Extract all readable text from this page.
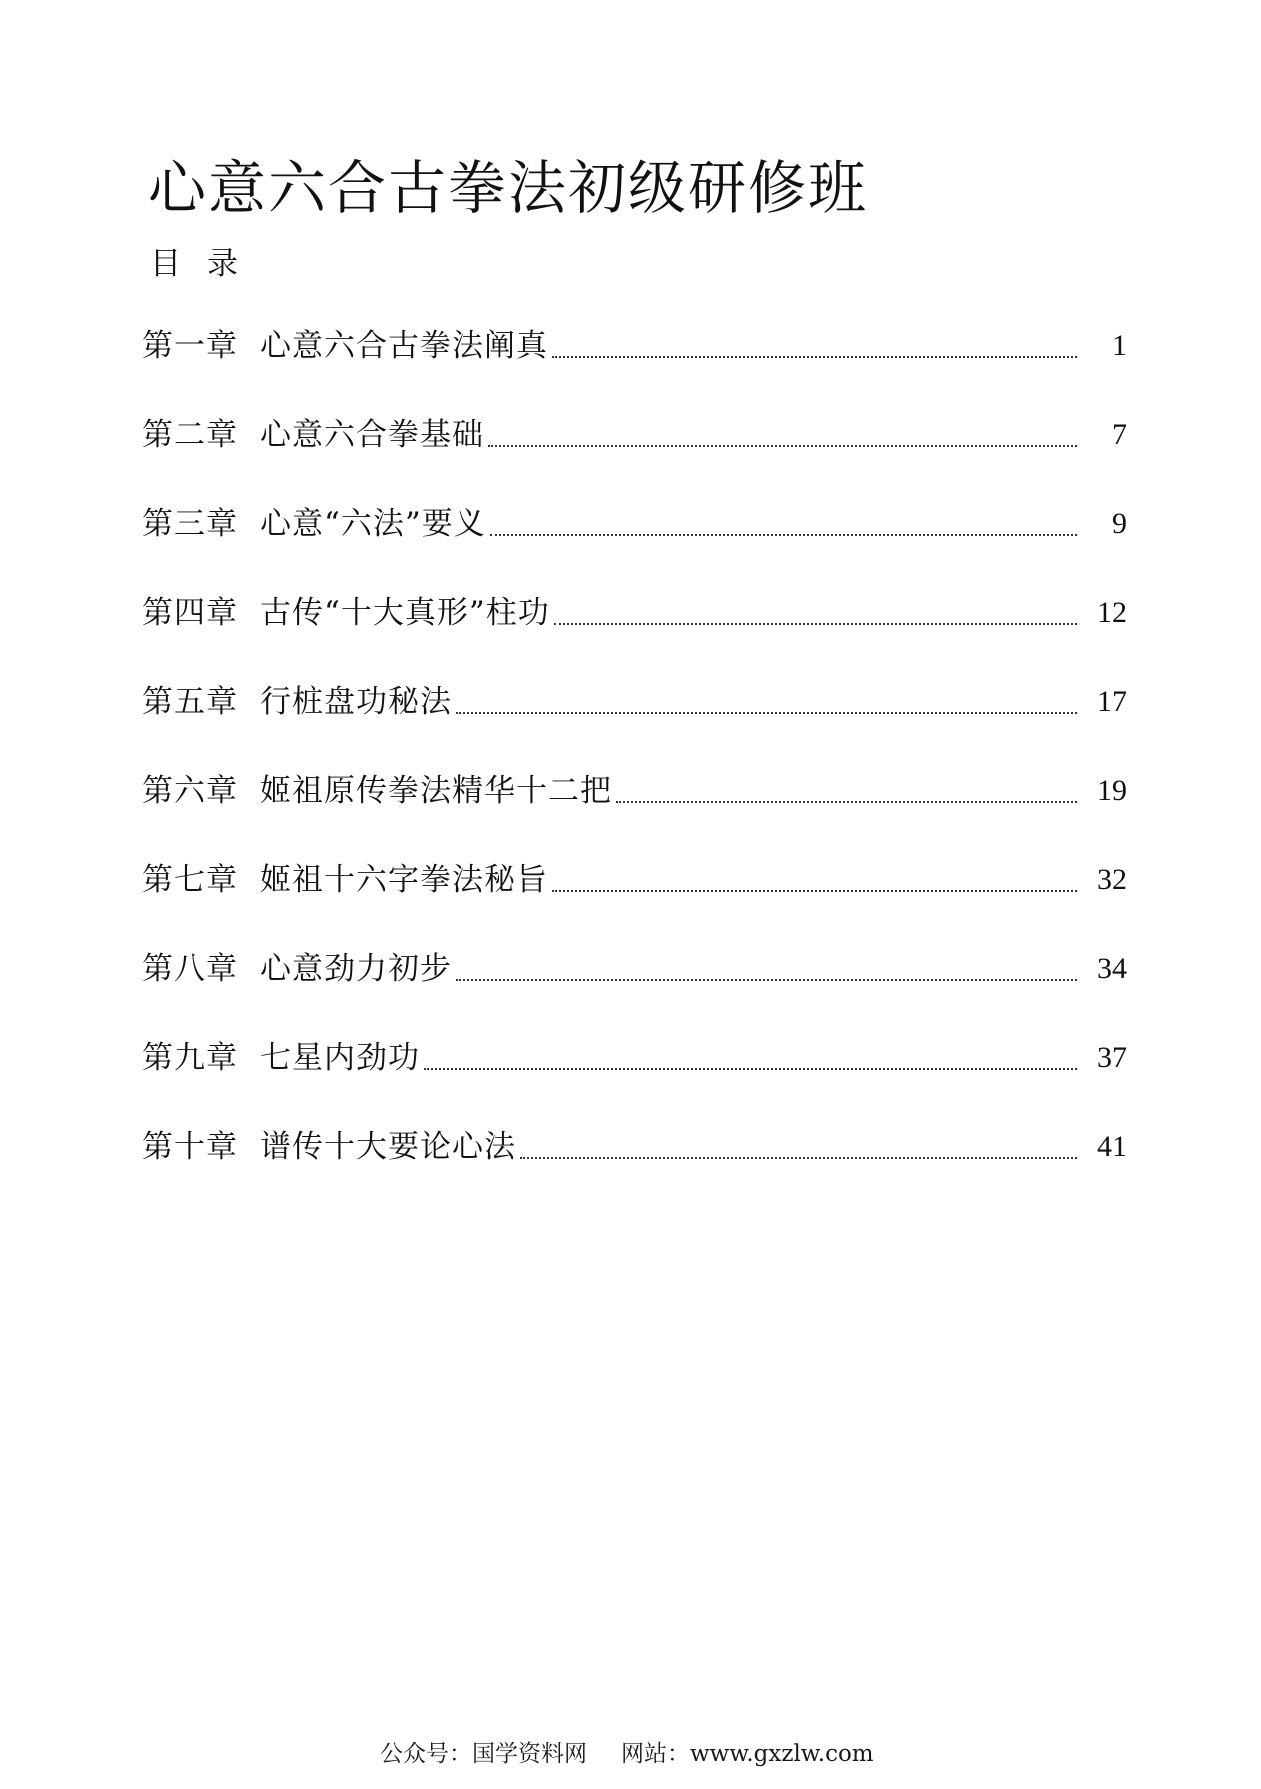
心意六合古拳法初级研修班
目录
第一章 心意六合古拳法阐真	1
第二章 心意六合拳基础	7
第三章 心意“六法”要义	9
第四章 古传“十大真形”柱功	12
第五章 行桩盘功秘法	17
第六章 姬祖原传拳法精华十二把	19
第七章 姬祖十六字拳法秘旨	32
第八章 心意劲力初步	34
第九章 七星内劲功	37
第十章 谱传十大要论心法	41
公众号：国学资料网 网站：www.gxzlw.com
